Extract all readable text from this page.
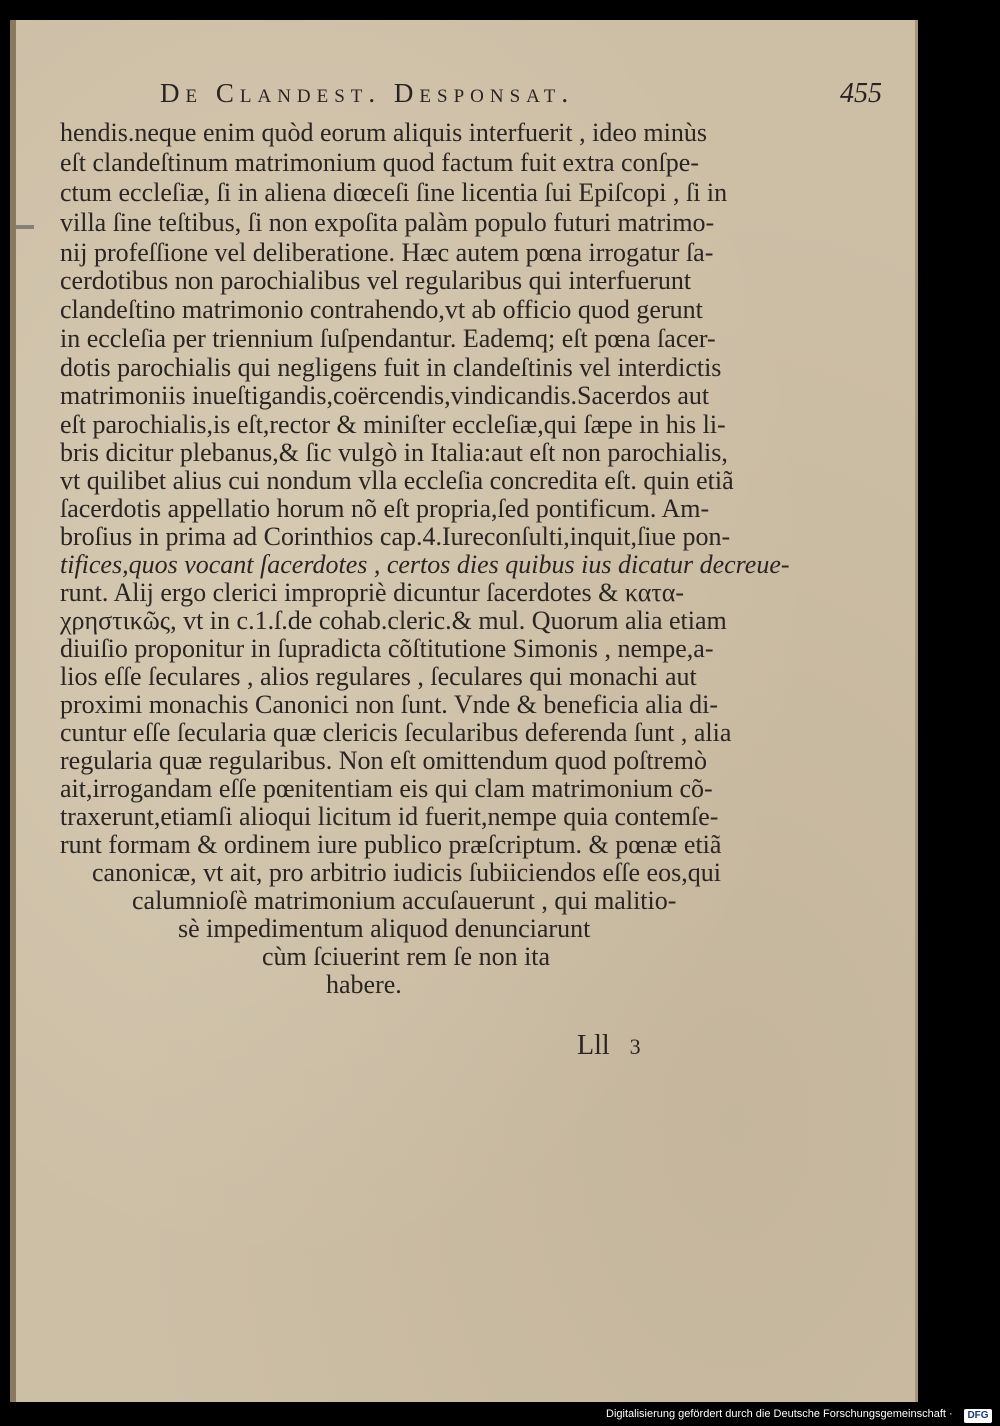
De Clandest. Desponsat.	455
hendis.neque enim quòd eorum aliquis interfuerit , ideo minùs
eſt clandeſtinum matrimonium quod factum fuit extra conſpe-
ctum eccleſiæ, ſi in aliena diœceſi ſine licentia ſui Epiſcopi , ſi in
villa ſine teſtibus, ſi non expoſita palàm populo futuri matrimo-
nij profeſſione vel deliberatione. Hæc autem pœna irrogatur ſa-
cerdotibus non parochialibus vel regularibus qui interfuerunt
clandeſtino matrimonio contrahendo,vt ab officio quod gerunt
in eccleſia per triennium ſuſpendantur. Eademq; eſt pœna ſacer-
dotis parochialis qui negligens fuit in clandeſtinis vel interdictis
matrimoniis inueſtigandis,coërcendis,vindicandis.Sacerdos aut
eſt parochialis,is eſt,rector & miniſter eccleſiæ,qui ſæpe in his li-
bris dicitur plebanus,& ſic vulgò in Italia:aut eſt non parochialis,
vt quilibet alius cui nondum vlla eccleſia concredita eſt. quin etiã
ſacerdotis appellatio horum nõ eſt propria,ſed pontificum. Am-
broſius in prima ad Corinthios cap.4.Iureconſulti,inquit,ſiue pon-
tifices,quos vocant ſacerdotes , certos dies quibus ius dicatur decreue-
runt. Alij ergo clerici impropriè dicuntur ſacerdotes & κατα-
χρηστικῶς, vt in c.1.ſ.de cohab.cleric.& mul. Quorum alia etiam
diuiſio proponitur in ſupradicta cõſtitutione Simonis , nempe,a-
lios eſſe ſeculares , alios regulares , ſeculares qui monachi aut
proximi monachis Canonici non ſunt. Vnde & beneficia alia di-
cuntur eſſe ſecularia quæ clericis ſecularibus deferenda ſunt , alia
regularia quæ regularibus. Non eſt omittendum quod poſtremò
ait,irrogandam eſſe pœnitentiam eis qui clam matrimonium cõ-
traxerunt,etiamſi alioqui licitum id fuerit,nempe quia contemſe-
runt formam & ordinem iure publico præſcriptum. & pœnæ etiã
canonicæ, vt ait, pro arbitrio iudicis ſubiiciendos eſſe eos,qui
calumnioſè matrimonium accuſauerunt , qui malitio-
sè impedimentum aliquod denunciarunt
cùm ſciuerint rem ſe non ita
habere.
Lll 3
Digitalisierung gefördert durch die Deutsche Forschungsgemeinschaft ·	DFG
